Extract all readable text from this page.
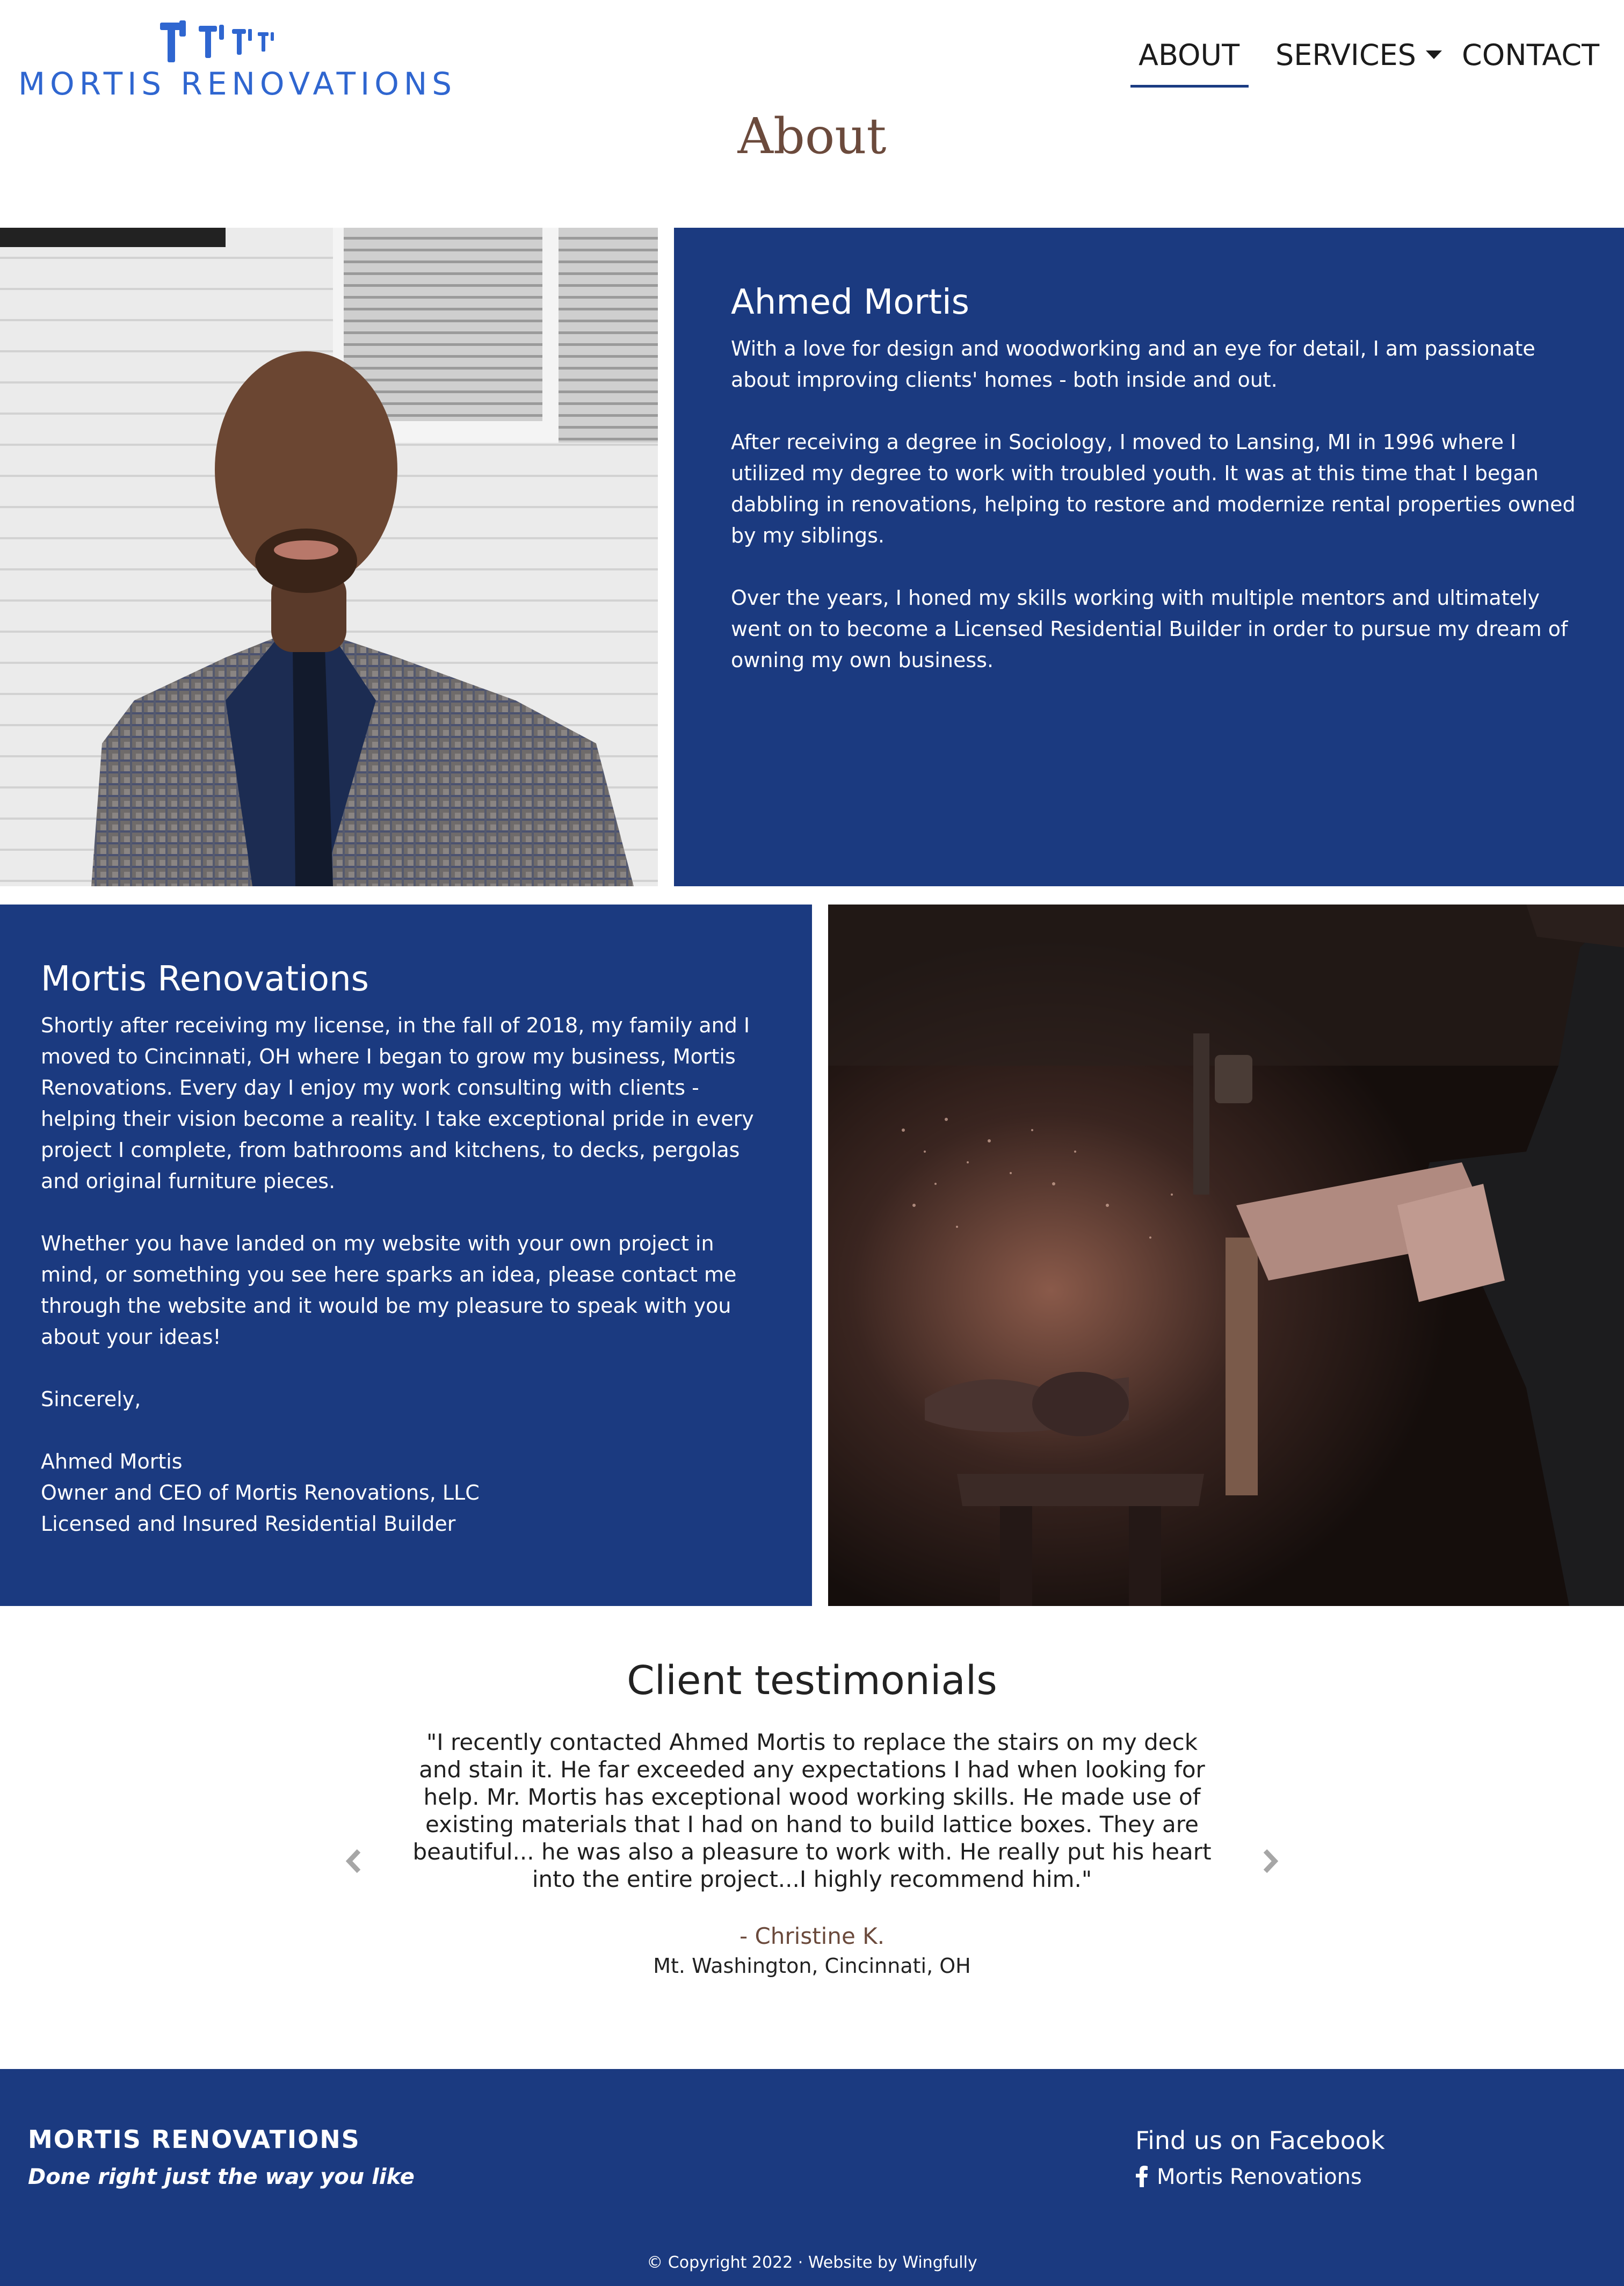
MORTIS RENOVATIONS
ABOUT SERVICES CONTACT
About
Ahmed Mortis

With a love for design and woodworking and an eye for detail, I am passionate about improving clients' homes - both inside and out.

After receiving a degree in Sociology, I moved to Lansing, MI in 1996 where I utilized my degree to work with troubled youth. It was at this time that I began dabbling in renovations, helping to restore and modernize rental properties owned by my siblings.

Over the years, I honed my skills working with multiple mentors and ultimately went on to become a Licensed Residential Builder in order to pursue my dream of owning my own business.

Mortis Renovations

Shortly after receiving my license, in the fall of 2018, my family and I moved to Cincinnati, OH where I began to grow my business, Mortis Renovations. Every day I enjoy my work consulting with clients - helping their vision become a reality. I take exceptional pride in every project I complete, from bathrooms and kitchens, to decks, pergolas and original furniture pieces.

Whether you have landed on my website with your own project in mind, or something you see here sparks an idea, please contact me through the website and it would be my pleasure to speak with you about your ideas!

Sincerely,

Ahmed Mortis
Owner and CEO of Mortis Renovations, LLC
Licensed and Insured Residential Builder
Client testimonials
"I recently contacted Ahmed Mortis to replace the stairs on my deck and stain it. He far exceeded any expectations I had when looking for help. Mr. Mortis has exceptional wood working skills. He made use of existing materials that I had on hand to build lattice boxes. They are beautiful... he was also a pleasure to work with. He really put his heart into the entire project...I highly recommend him."
- Christine K.
Mt. Washington, Cincinnati, OH
MORTIS RENOVATIONS
Done right just the way you like
Find us on Facebook
Mortis Renovations
© Copyright 2022 · Website by Wingfully
